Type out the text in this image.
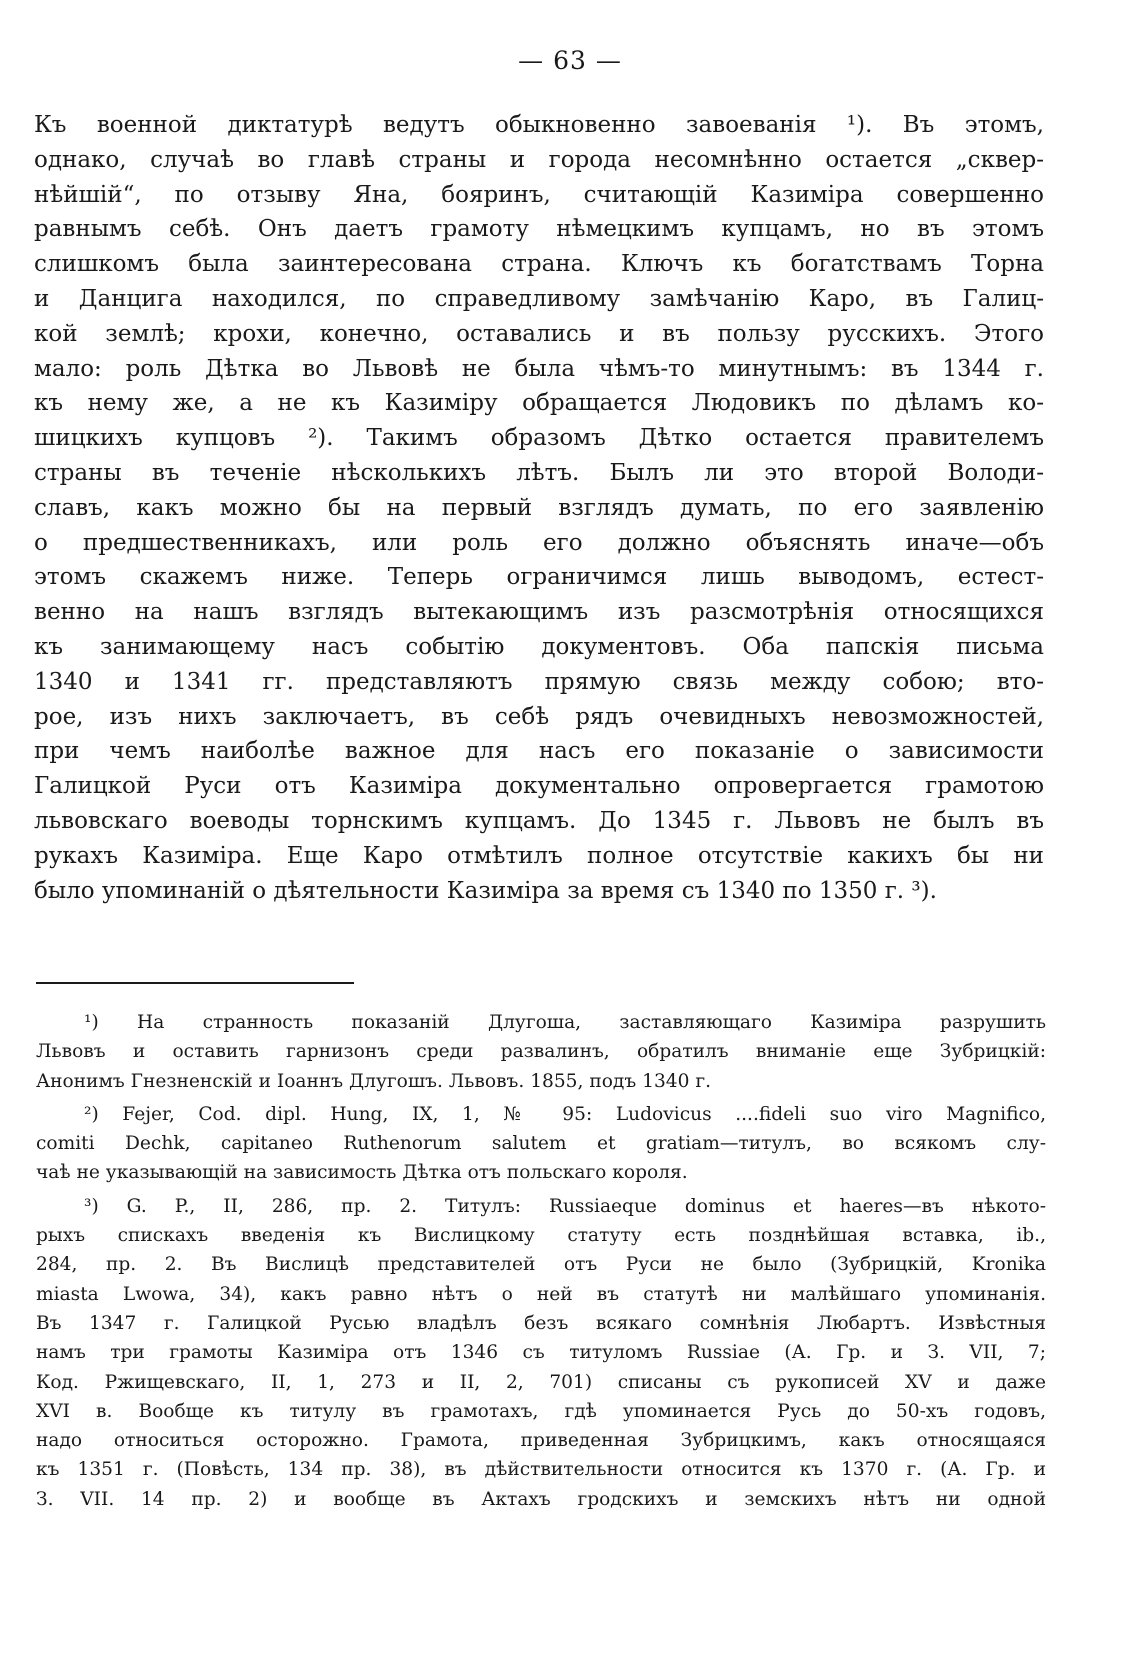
— 63 —
Къ военной диктатурѣ ведутъ обыкновенно завоеванія ¹). Въ этомъ,
однако, случаѣ во главѣ страны и города несомнѣнно остается „сквер-
нѣйшій“, по отзыву Яна, бояринъ, считающій Казиміра совершенно
равнымъ себѣ. Онъ даетъ грамоту нѣмецкимъ купцамъ, но въ этомъ
слишкомъ была заинтересована страна. Ключъ къ богатствамъ Торна
и Данцига находился, по справедливому замѣчанію Каро, въ Галиц-
кой землѣ; крохи, конечно, оставались и въ пользу русскихъ. Этого
мало: роль Дѣтка во Львовѣ не была чѣмъ-то минутнымъ: въ 1344 г.
къ нему же, а не къ Казиміру обращается Людовикъ по дѣламъ ко-
шицкихъ купцовъ ²). Такимъ образомъ Дѣтко остается правителемъ
страны въ теченіе нѣсколькихъ лѣтъ. Былъ ли это второй Володи-
славъ, какъ можно бы на первый взглядъ думать, по его заявленію
о предшественникахъ, или роль его должно объяснять иначе—объ
этомъ скажемъ ниже. Теперь ограничимся лишь выводомъ, естест-
венно на нашъ взглядъ вытекающимъ изъ разсмотрѣнія относящихся
къ занимающему насъ событію документовъ. Оба папскія письма
1340 и 1341 гг. представляютъ прямую связь между собою; вто-
рое, изъ нихъ заключаетъ, въ себѣ рядъ очевидныхъ невозможностей,
при чемъ наиболѣе важное для насъ его показаніе о зависимости
Галицкой Руси отъ Казиміра документально опровергается грамотою
львовскаго воеводы торнскимъ купцамъ. До 1345 г. Львовъ не былъ въ
рукахъ Казиміра. Еще Каро отмѣтилъ полное отсутствіе какихъ бы ни
было упоминаній о дѣятельности Казиміра за время съ 1340 по 1350 г. ³).
¹) На странность показаній Длугоша, заставляющаго Казиміра разрушить
Львовъ и оставить гарнизонъ среди развалинъ, обратилъ вниманіе еще Зубрицкій:
Анонимъ Гнезненскій и Іоаннъ Длугошъ. Львовъ. 1855, подъ 1340 г.
²) Fejer, Cod. dipl. Hung, IX, 1, № 95: Ludovicus ....fideli suo viro Magnifico,
comiti Dechk, capitaneo Ruthenorum salutem et gratiam—титулъ, во всякомъ слу-
чаѣ не указывающій на зависимость Дѣтка отъ польскаго короля.
³) G. P., II, 286, пр. 2. Титулъ: Russiaeque dominus et haeres—въ нѣкото-
рыхъ спискахъ введенія къ Вислицкому статуту есть позднѣйшая вставка, ib.,
284, пр. 2. Въ Вислицѣ представителей отъ Руси не было (Зубрицкій, Kronika
miasta Lwowa, 34), какъ равно нѣтъ о ней въ статутѣ ни малѣйшаго упоминанія.
Въ 1347 г. Галицкой Русью владѣлъ безъ всякаго сомнѣнія Любартъ. Извѣстныя
намъ три грамоты Казиміра отъ 1346 съ титуломъ Russiae (А. Гр. и З. VII, 7;
Код. Ржищевскаго, II, 1, 273 и II, 2, 701) списаны съ рукописей XV и даже
XVI в. Вообще къ титулу въ грамотахъ, гдѣ упоминается Русь до 50-хъ годовъ,
надо относиться осторожно. Грамота, приведенная Зубрицкимъ, какъ относящаяся
къ 1351 г. (Повѣсть, 134 пр. 38), въ дѣйствительности относится къ 1370 г. (А. Гр. и
З. VII. 14 пр. 2) и вообще въ Актахъ гродскихъ и земскихъ нѣтъ ни одной
